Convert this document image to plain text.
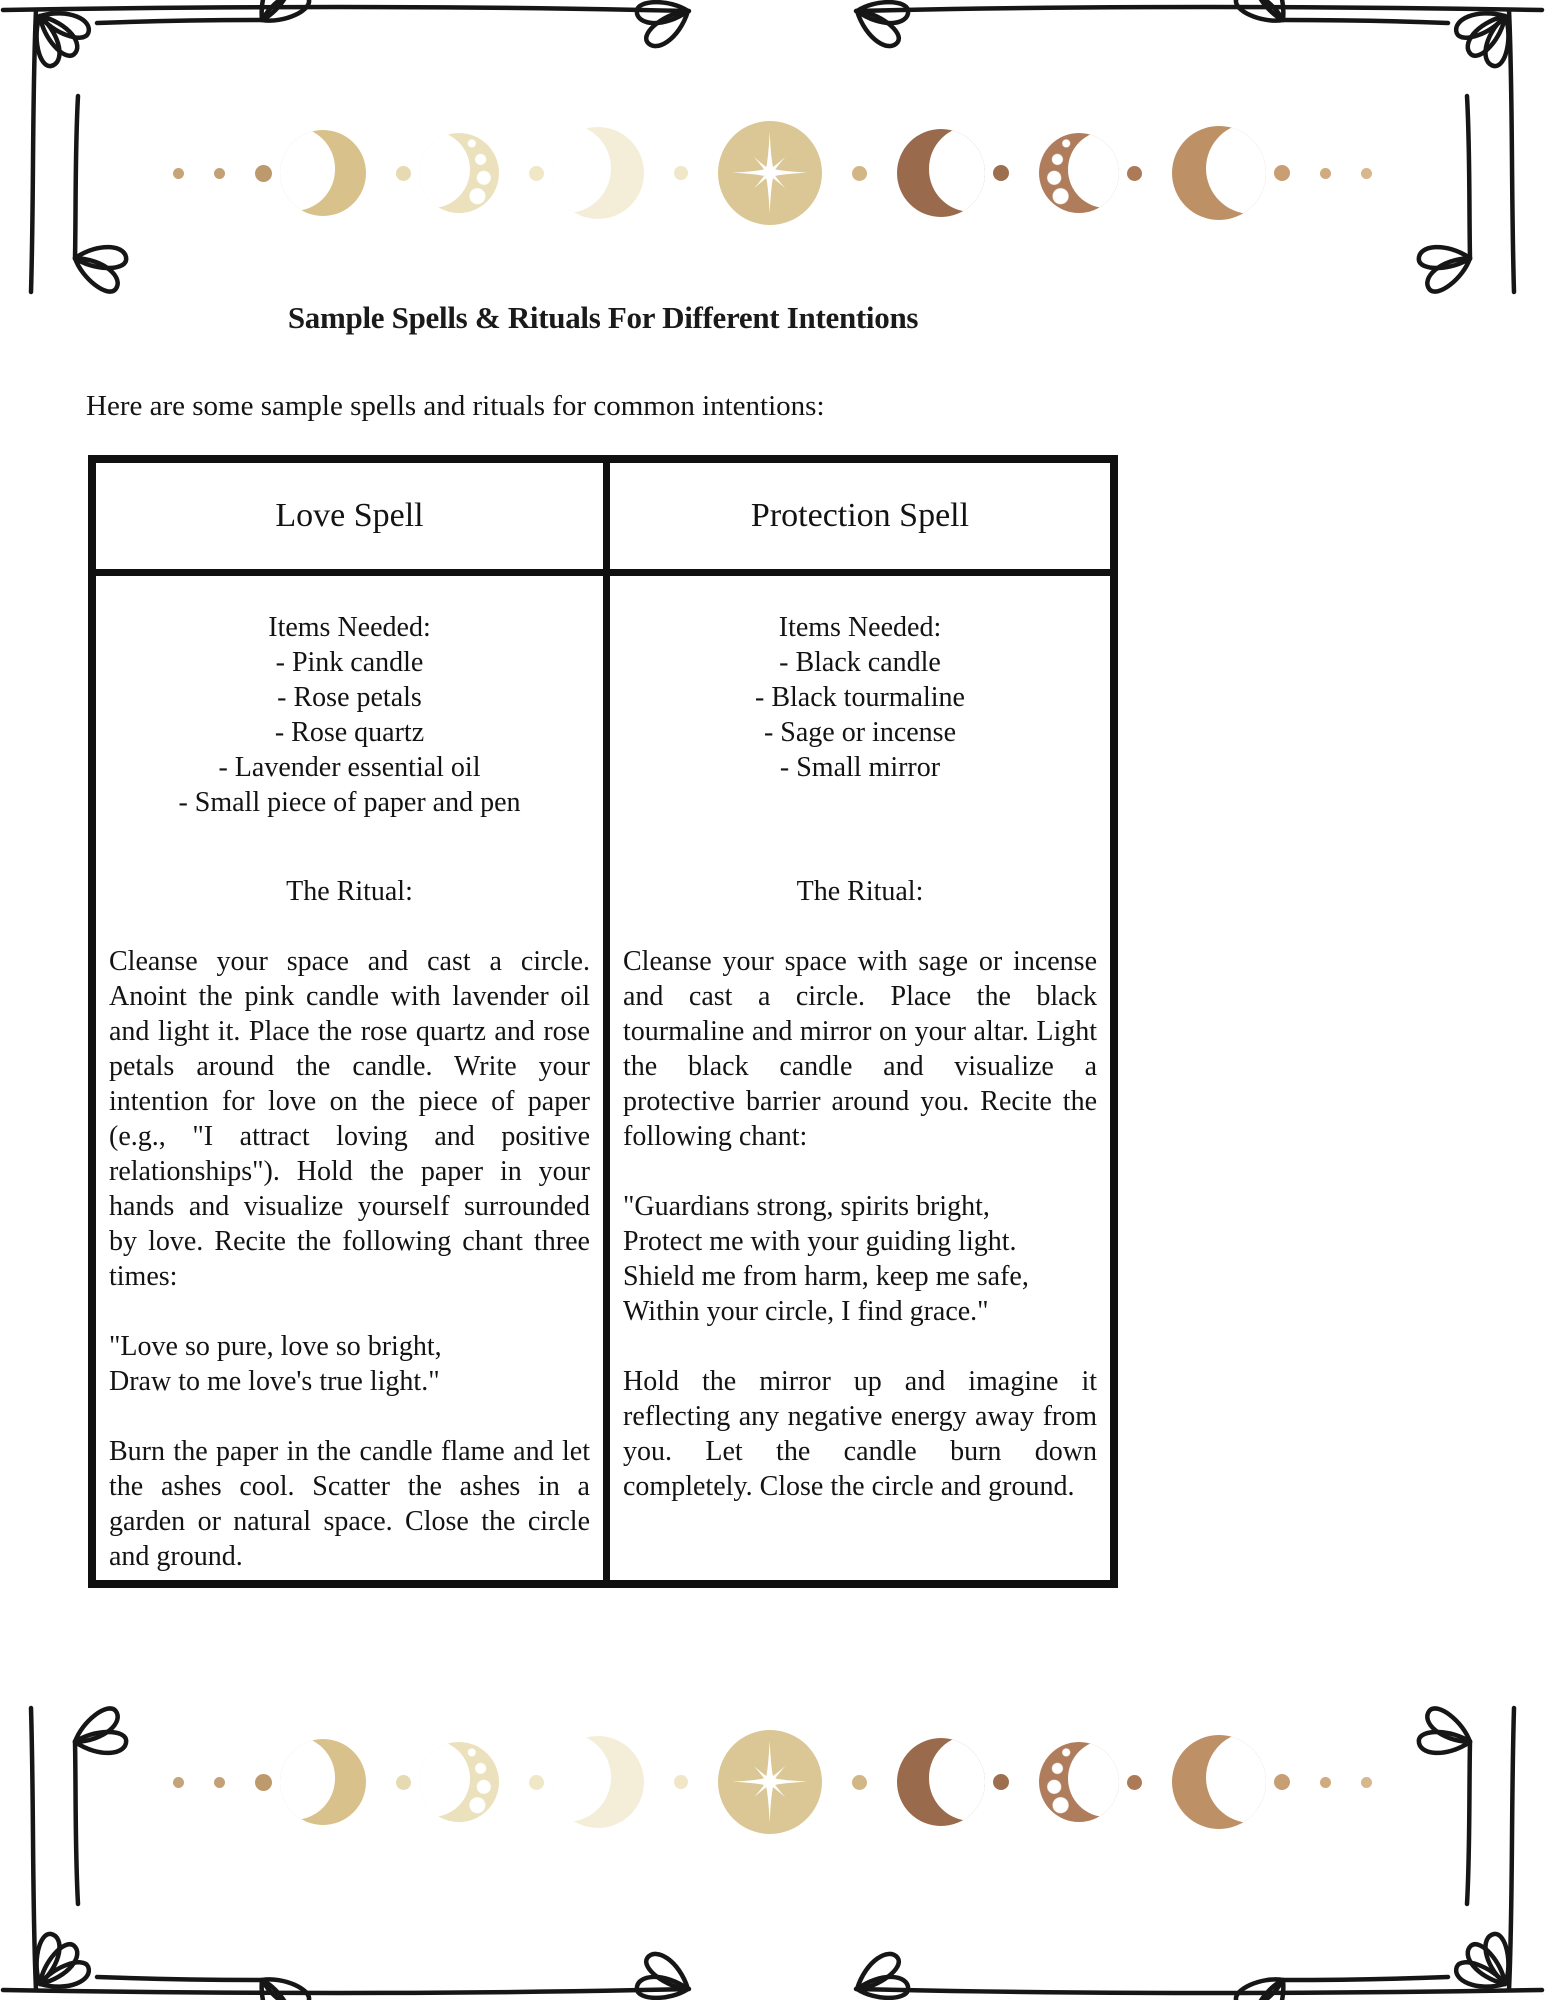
Sample Spells & Rituals For Different Intentions

Here are some sample spells and rituals for common intentions:

Love Spell	Protection Spell
Items Needed:
- Pink candle
- Rose petals
- Rose quartz
- Lavender essential oil
- Small piece of paper and pen
The Ritual:

Cleanse your space and cast a circle. Anoint the pink candle with lavender oil and light it. Place the rose quartz and rose petals around the candle. Write your intention for love on the piece of paper (e.g., "I attract loving and positive relationships"). Hold the paper in your hands and visualize yourself surrounded by love. Recite the following chant three times:

"Love so pure, love so bright,
Draw to me love's true light."

Burn the paper in the candle flame and let the ashes cool. Scatter the ashes in a garden or natural space. Close the circle and ground.

Items Needed:
- Black candle
- Black tourmaline
- Sage or incense
- Small mirror
The Ritual:

Cleanse your space with sage or incense and cast a circle. Place the black tourmaline and mirror on your altar. Light the black candle and visualize a protective barrier around you. Recite the following chant:

"Guardians strong, spirits bright,
Protect me with your guiding light.
Shield me from harm, keep me safe,
Within your circle, I find grace."

Hold the mirror up and imagine it reflecting any negative energy away from you. Let the candle burn down completely. Close the circle and ground.
